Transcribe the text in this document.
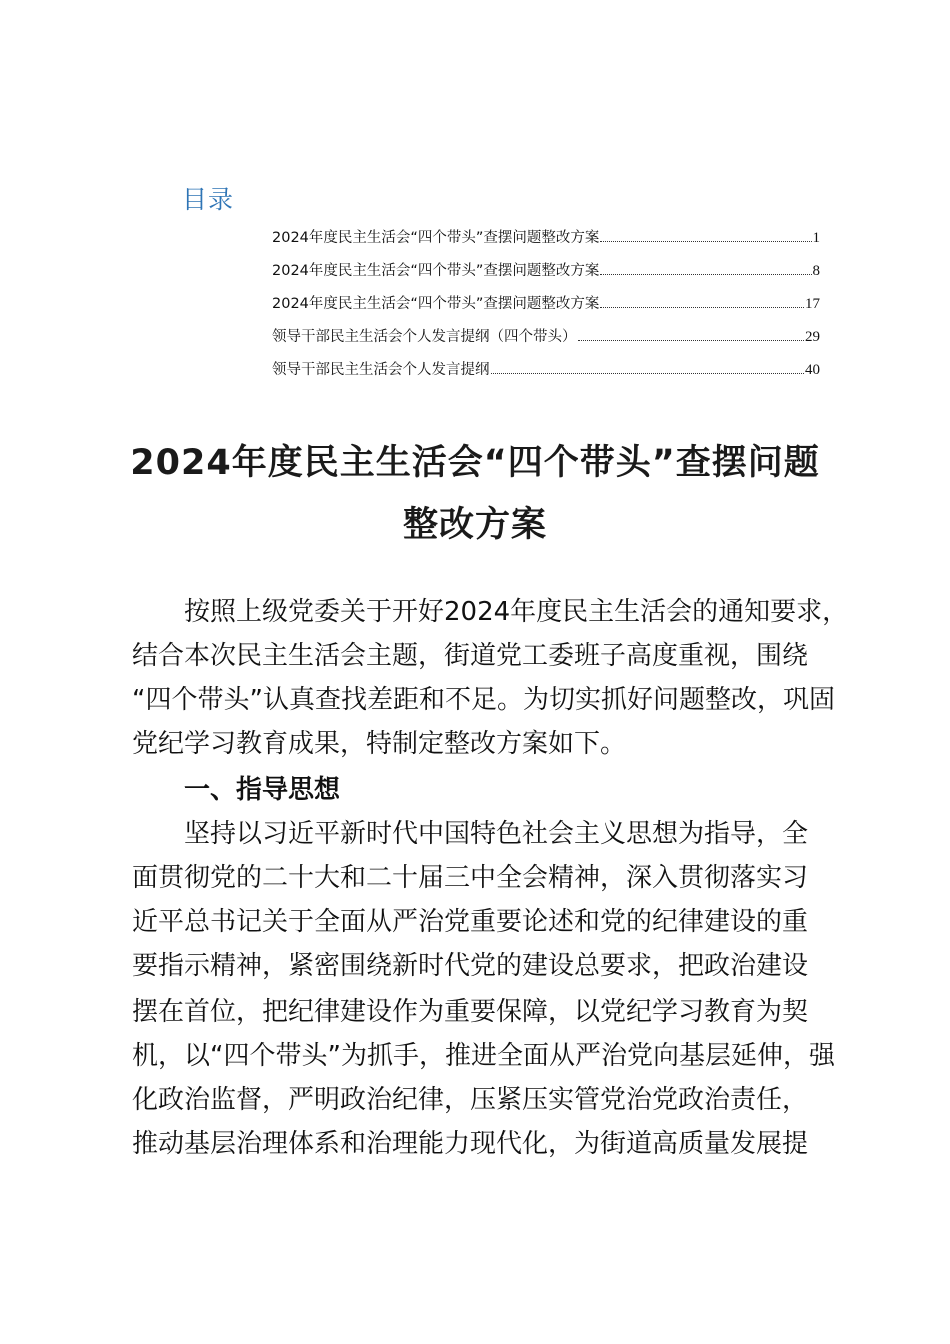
目录
2024年度民主生活会“四个带头”查摆问题整改方案	1
2024年度民主生活会“四个带头”查摆问题整改方案	8
2024年度民主生活会“四个带头”查摆问题整改方案	17
领导干部民主生活会个人发言提纲（四个带头）	29
领导干部民主生活会个人发言提纲	40
2024年度民主生活会“四个带头”查摆问题
整改方案

按照上级党委关于开好2024年度民主生活会的通知要求，

结合本次民主生活会主题，街道党工委班子高度重视，围绕

“四个带头”认真查找差距和不足。为切实抓好问题整改，巩固

党纪学习教育成果，特制定整改方案如下。

一、指导思想

坚持以习近平新时代中国特色社会主义思想为指导，全

面贯彻党的二十大和二十届三中全会精神，深入贯彻落实习

近平总书记关于全面从严治党重要论述和党的纪律建设的重

要指示精神，紧密围绕新时代党的建设总要求，把政治建设

摆在首位，把纪律建设作为重要保障，以党纪学习教育为契

机，以“四个带头”为抓手，推进全面从严治党向基层延伸，强

化政治监督，严明政治纪律，压紧压实管党治党政治责任，

推动基层治理体系和治理能力现代化，为街道高质量发展提
